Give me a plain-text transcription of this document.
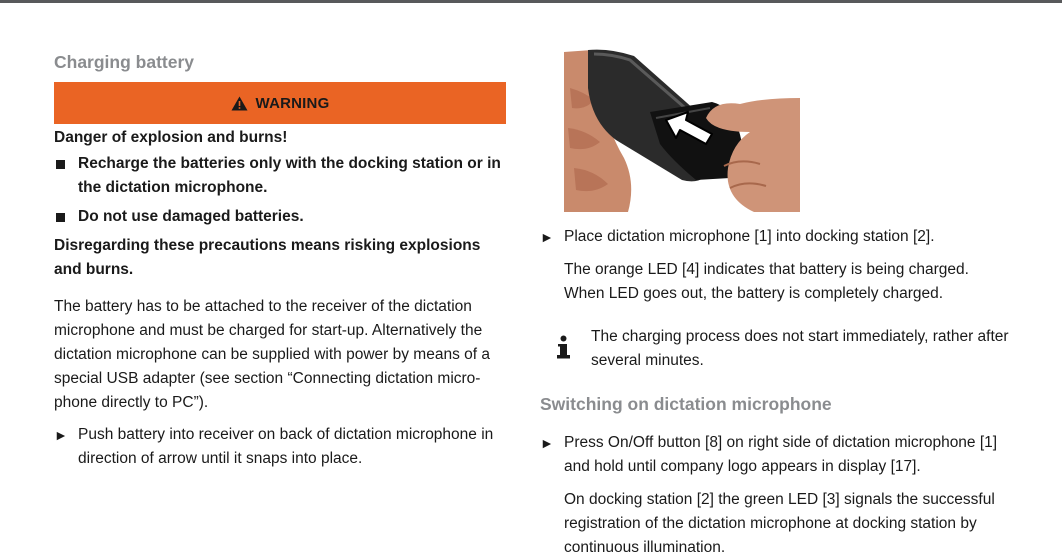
Charging battery
WARNING
Danger of explosion and burns!
Recharge the batteries only with the docking station or in the dictation microphone.
Do not use damaged batteries.
Disregarding these precautions means risking explosions and burns.

The battery has to be attached to the receiver of the dictation microphone and must be charged for start-up. Alternatively the dictation microphone can be supplied with power by means of a special USB adapter (see section “Connecting dictation micro-phone directly to PC”).

► Push battery into receiver on back of dictation microphone in direction of arrow until it snaps into place.
► Place dictation microphone [1] into docking station [2].
The orange LED [4] indicates that battery is being charged. When LED goes out, the battery is completely charged.
The charging process does not start immediately, rather after several minutes.
Switching on dictation microphone
► Press On/Off button [8] on right side of dictation microphone [1] and hold until company logo appears in display [17].
On docking station [2] the green LED [3] signals the successful registration of the dictation microphone at docking station by continuous illumination.
